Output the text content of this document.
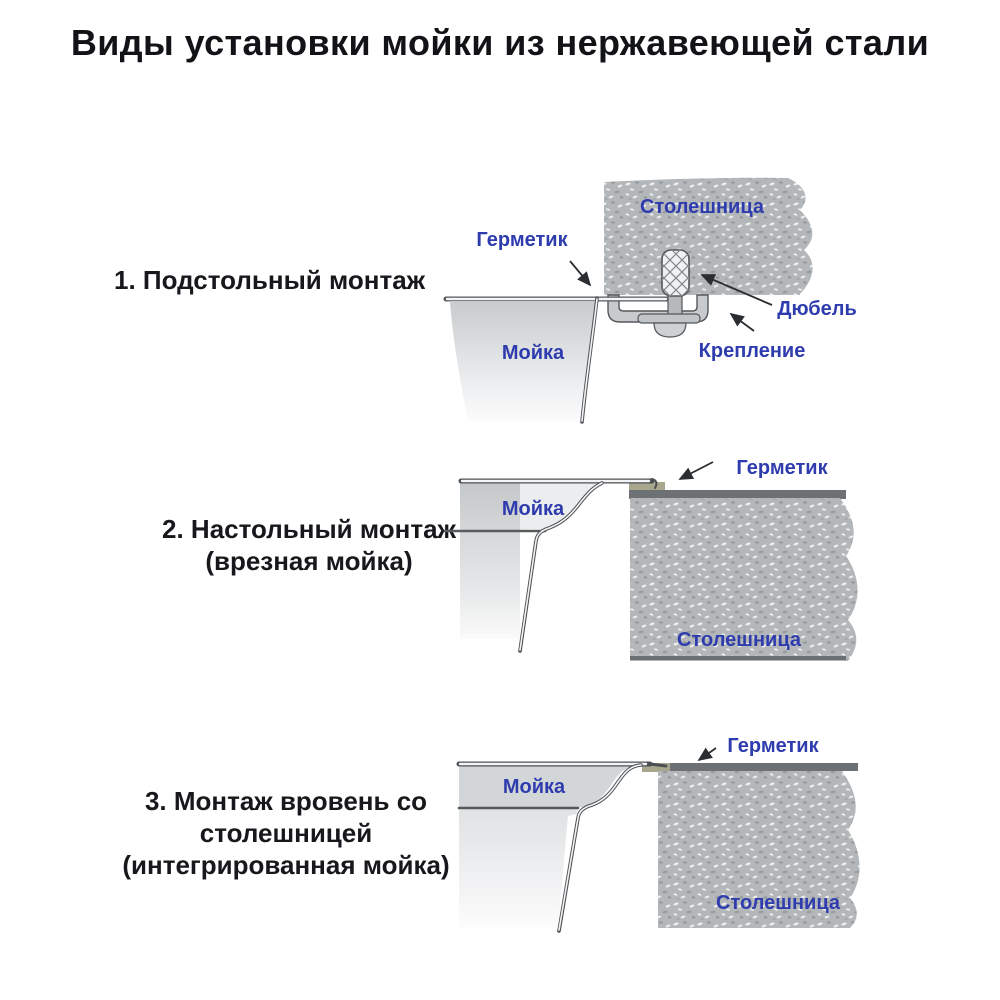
Виды установки мойки из нержавеющей стали
1. Подстольный монтаж
Столешница
Мойка
Герметик
Дюбель
Крепление
2. Настольный монтаж
(врезная мойка)
Столешница
Мойка
Герметик
3. Монтаж вровень со
столешницей
(интегрированная мойка)
Столешница
Мойка
Герметик
